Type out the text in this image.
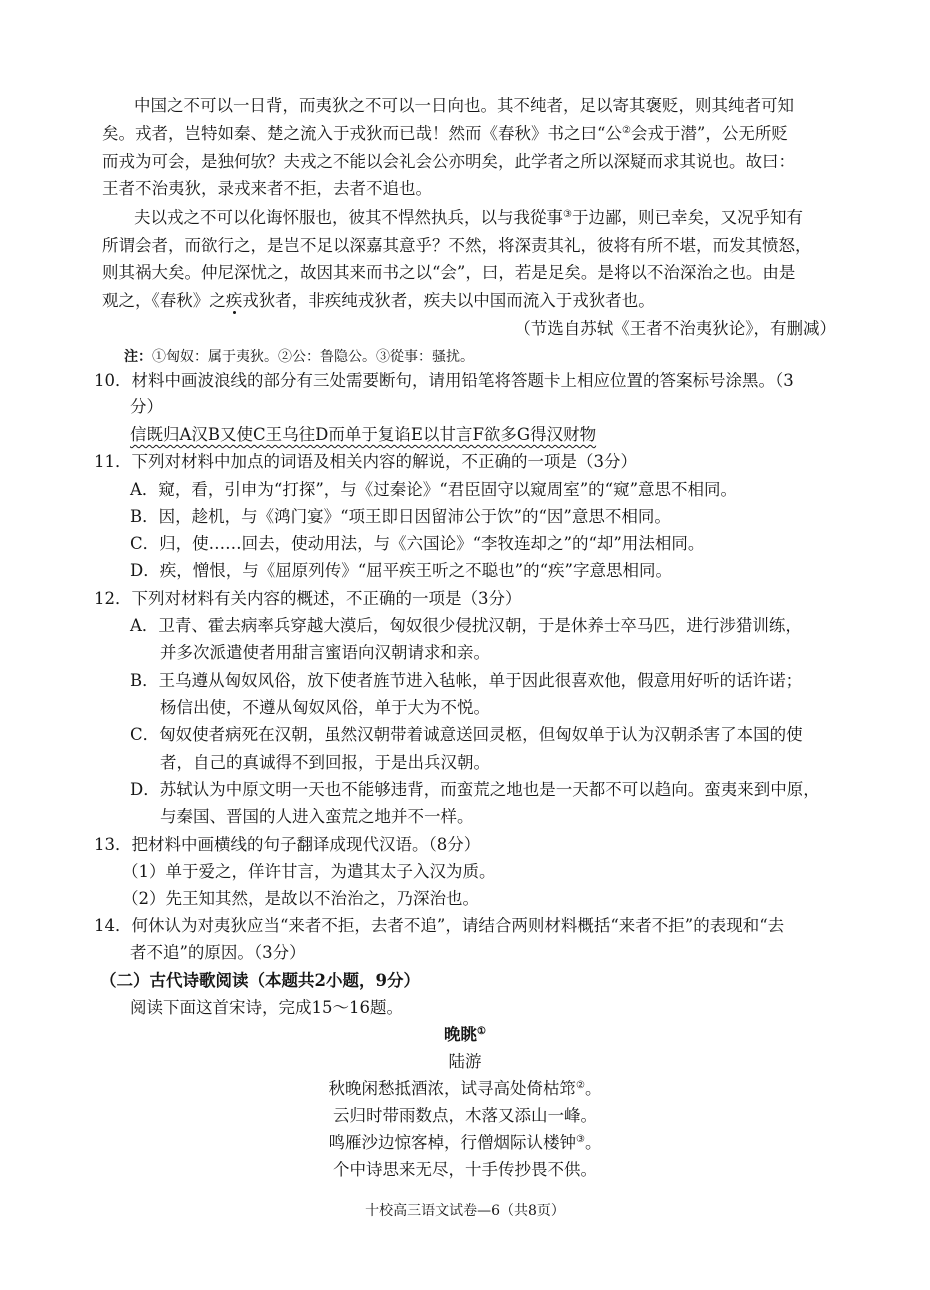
中国之不可以一日背，而夷狄之不可以一日向也。其不纯者，足以寄其褒贬，则其纯者可知
矣。戎者，岂特如秦、楚之流入于戎狄而已哉！然而《春秋》书之曰“公②会戎于潜”，公无所贬
而戎为可会，是独何欤？夫戎之不能以会礼会公亦明矣，此学者之所以深疑而求其说也。故曰：
王者不治夷狄，录戎来者不拒，去者不追也。
夫以戎之不可以化诲怀服也，彼其不悍然执兵，以与我從事③于边鄙，则已幸矣，又况乎知有
所谓会者，而欲行之，是岂不足以深嘉其意乎？不然，将深责其礼，彼将有所不堪，而发其愤怒，
则其祸大矣。仲尼深忧之，故因其来而书之以“会”，曰，若是足矣。是将以不治深治之也。由是
观之，《春秋》之疾戎狄者，非疾纯戎狄者，疾夫以中国而流入于戎狄者也。
（节选自苏轼《王者不治夷狄论》，有删减）
注：①匈奴：属于夷狄。②公：鲁隐公。③從事：骚扰。
10．材料中画波浪线的部分有三处需要断句，请用铅笔将答题卡上相应位置的答案标号涂黑。（3
分）
信既归A汉B又使C王乌往D而单于复谄E以甘言F欲多G得汉财物
11．下列对材料中加点的词语及相关内容的解说，不正确的一项是（3分）
A．窥，看，引申为“打探”，与《过秦论》“君臣固守以窥周室”的“窥”意思不相同。
B．因，趁机，与《鸿门宴》“项王即日因留沛公于饮”的“因”意思不相同。
C．归，使……回去，使动用法，与《六国论》“李牧连却之”的“却”用法相同。
D．疾，憎恨，与《屈原列传》“屈平疾王听之不聪也”的“疾”字意思相同。
12．下列对材料有关内容的概述，不正确的一项是（3分）
A．卫青、霍去病率兵穿越大漠后，匈奴很少侵扰汉朝，于是休养士卒马匹，进行涉猎训练，
并多次派遣使者用甜言蜜语向汉朝请求和亲。
B．王乌遵从匈奴风俗，放下使者旌节进入毡帐，单于因此很喜欢他，假意用好听的话许诺；
杨信出使，不遵从匈奴风俗，单于大为不悦。
C．匈奴使者病死在汉朝，虽然汉朝带着诚意送回灵柩，但匈奴单于认为汉朝杀害了本国的使
者，自己的真诚得不到回报，于是出兵汉朝。
D．苏轼认为中原文明一天也不能够违背，而蛮荒之地也是一天都不可以趋向。蛮夷来到中原，
与秦国、晋国的人进入蛮荒之地并不一样。
13．把材料中画横线的句子翻译成现代汉语。（8分）
（1）单于爱之，佯许甘言，为遣其太子入汉为质。
（2）先王知其然，是故以不治治之，乃深治也。
14．何休认为对夷狄应当“来者不拒，去者不追”，请结合两则材料概括“来者不拒”的表现和“去
者不追”的原因。（3分）
（二）古代诗歌阅读（本题共2小题，9分）
阅读下面这首宋诗，完成15～16题。
晚眺①
陆游
秋晚闲愁抵酒浓，试寻高处倚枯筇②。
云归时带雨数点，木落又添山一峰。
鸣雁沙边惊客棹，行僧烟际认楼钟③。
个中诗思来无尽，十手传抄畏不供。
十校高三语文试卷—6（共8页）
